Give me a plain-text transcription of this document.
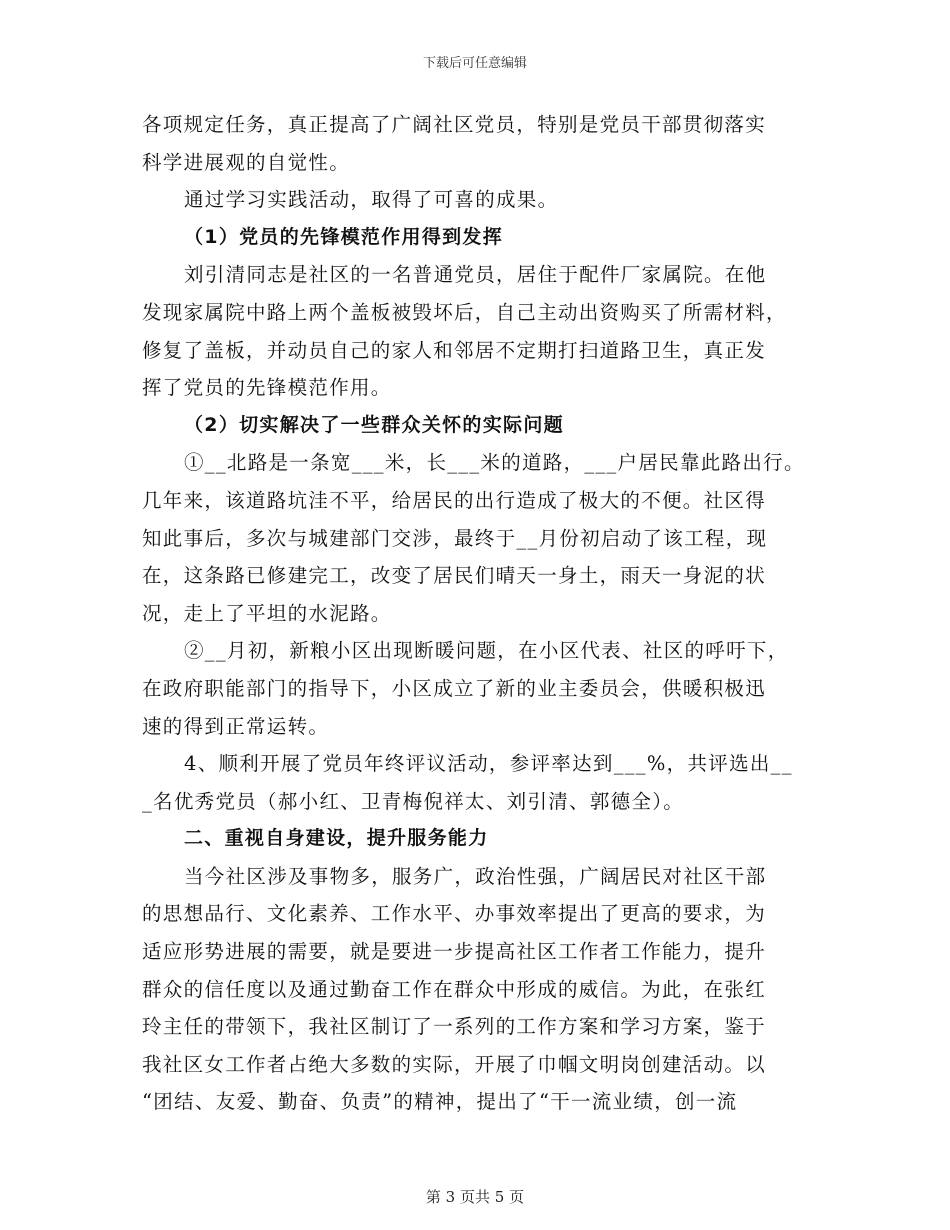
下载后可任意编辑
各项规定任务，真正提高了广阔社区党员，特别是党员干部贯彻落实
科学进展观的自觉性。
通过学习实践活动，取得了可喜的成果。
（1）党员的先锋模范作用得到发挥
刘引清同志是社区的一名普通党员，居住于配件厂家属院。在他
发现家属院中路上两个盖板被毁坏后，自己主动出资购买了所需材料，
修复了盖板，并动员自己的家人和邻居不定期打扫道路卫生，真正发
挥了党员的先锋模范作用。
（2）切实解决了一些群众关怀的实际问题
①__北路是一条宽___米，长___米的道路，___户居民靠此路出行。
几年来，该道路坑洼不平，给居民的出行造成了极大的不便。社区得
知此事后，多次与城建部门交涉，最终于__月份初启动了该工程，现
在，这条路已修建完工，改变了居民们晴天一身土，雨天一身泥的状
况，走上了平坦的水泥路。
②__月初，新粮小区出现断暖问题，在小区代表、社区的呼吁下，
在政府职能部门的指导下，小区成立了新的业主委员会，供暖积极迅
速的得到正常运转。
4、顺利开展了党员年终评议活动，参评率达到___%，共评选出__
_名优秀党员（郝小红、卫青梅倪祥太、刘引清、郭德全）。
二、重视自身建设，提升服务能力
当今社区涉及事物多，服务广，政治性强，广阔居民对社区干部
的思想品行、文化素养、工作水平、办事效率提出了更高的要求，为
适应形势进展的需要，就是要进一步提高社区工作者工作能力，提升
群众的信任度以及通过勤奋工作在群众中形成的威信。为此，在张红
玲主任的带领下，我社区制订了一系列的工作方案和学习方案，鉴于
我社区女工作者占绝大多数的实际，开展了巾帼文明岗创建活动。以
“团结、友爱、勤奋、负责”的精神，提出了“干一流业绩，创一流
第 3 页共 5 页
